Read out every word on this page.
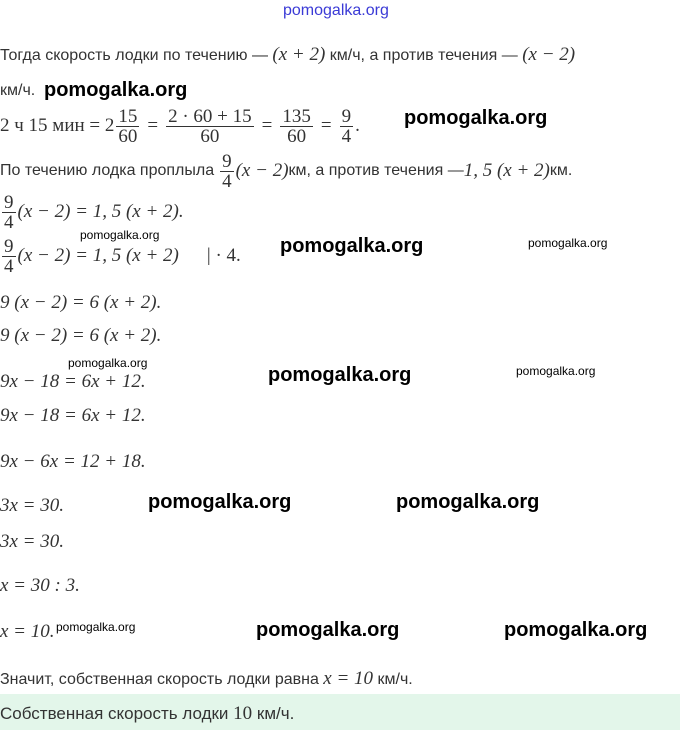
pomogalka.org
Тогда скорость лодки по течению — (x + 2) км/ч, а против течения — (x − 2)
км/ч. pomogalka.org
2 ч 15 мин = $2 \frac{15}{60} = \frac{2 \cdot 60 + 15}{60} = \frac{135}{60} = \frac{9}{4}$ . pomogalka.org
По течению лодка проплыла $\frac{9}{4} (x - 2)$ км, а против течения — 1, 5 (x + 2) км.
$\frac{9}{4} (x - 2) = 1$, 5 (x + 2).
pomogalka.org
$\frac{9}{4} (x - 2) = 1$, 5 (x + 2) | · 4. pomogalka.org	pomogalka.org
9 (x − 2) = 6 (x + 2).
9 (x − 2) = 6 (x + 2).
pomogalka.org
9x − 18 = 6x + 12.	pomogalka.org	pomogalka.org
9x − 18 = 6x + 12.
9x − 6x = 12 + 18.
3x = 30.	pomogalka.org	pomogalka.org
3x = 30.
x = 30 : 3.
x = 10. pomogalka.org	pomogalka.org	pomogalka.org
Значит, собственная скорость лодки равна x = 10 км/ч.
Собственная скорость лодки 10 км/ч.
